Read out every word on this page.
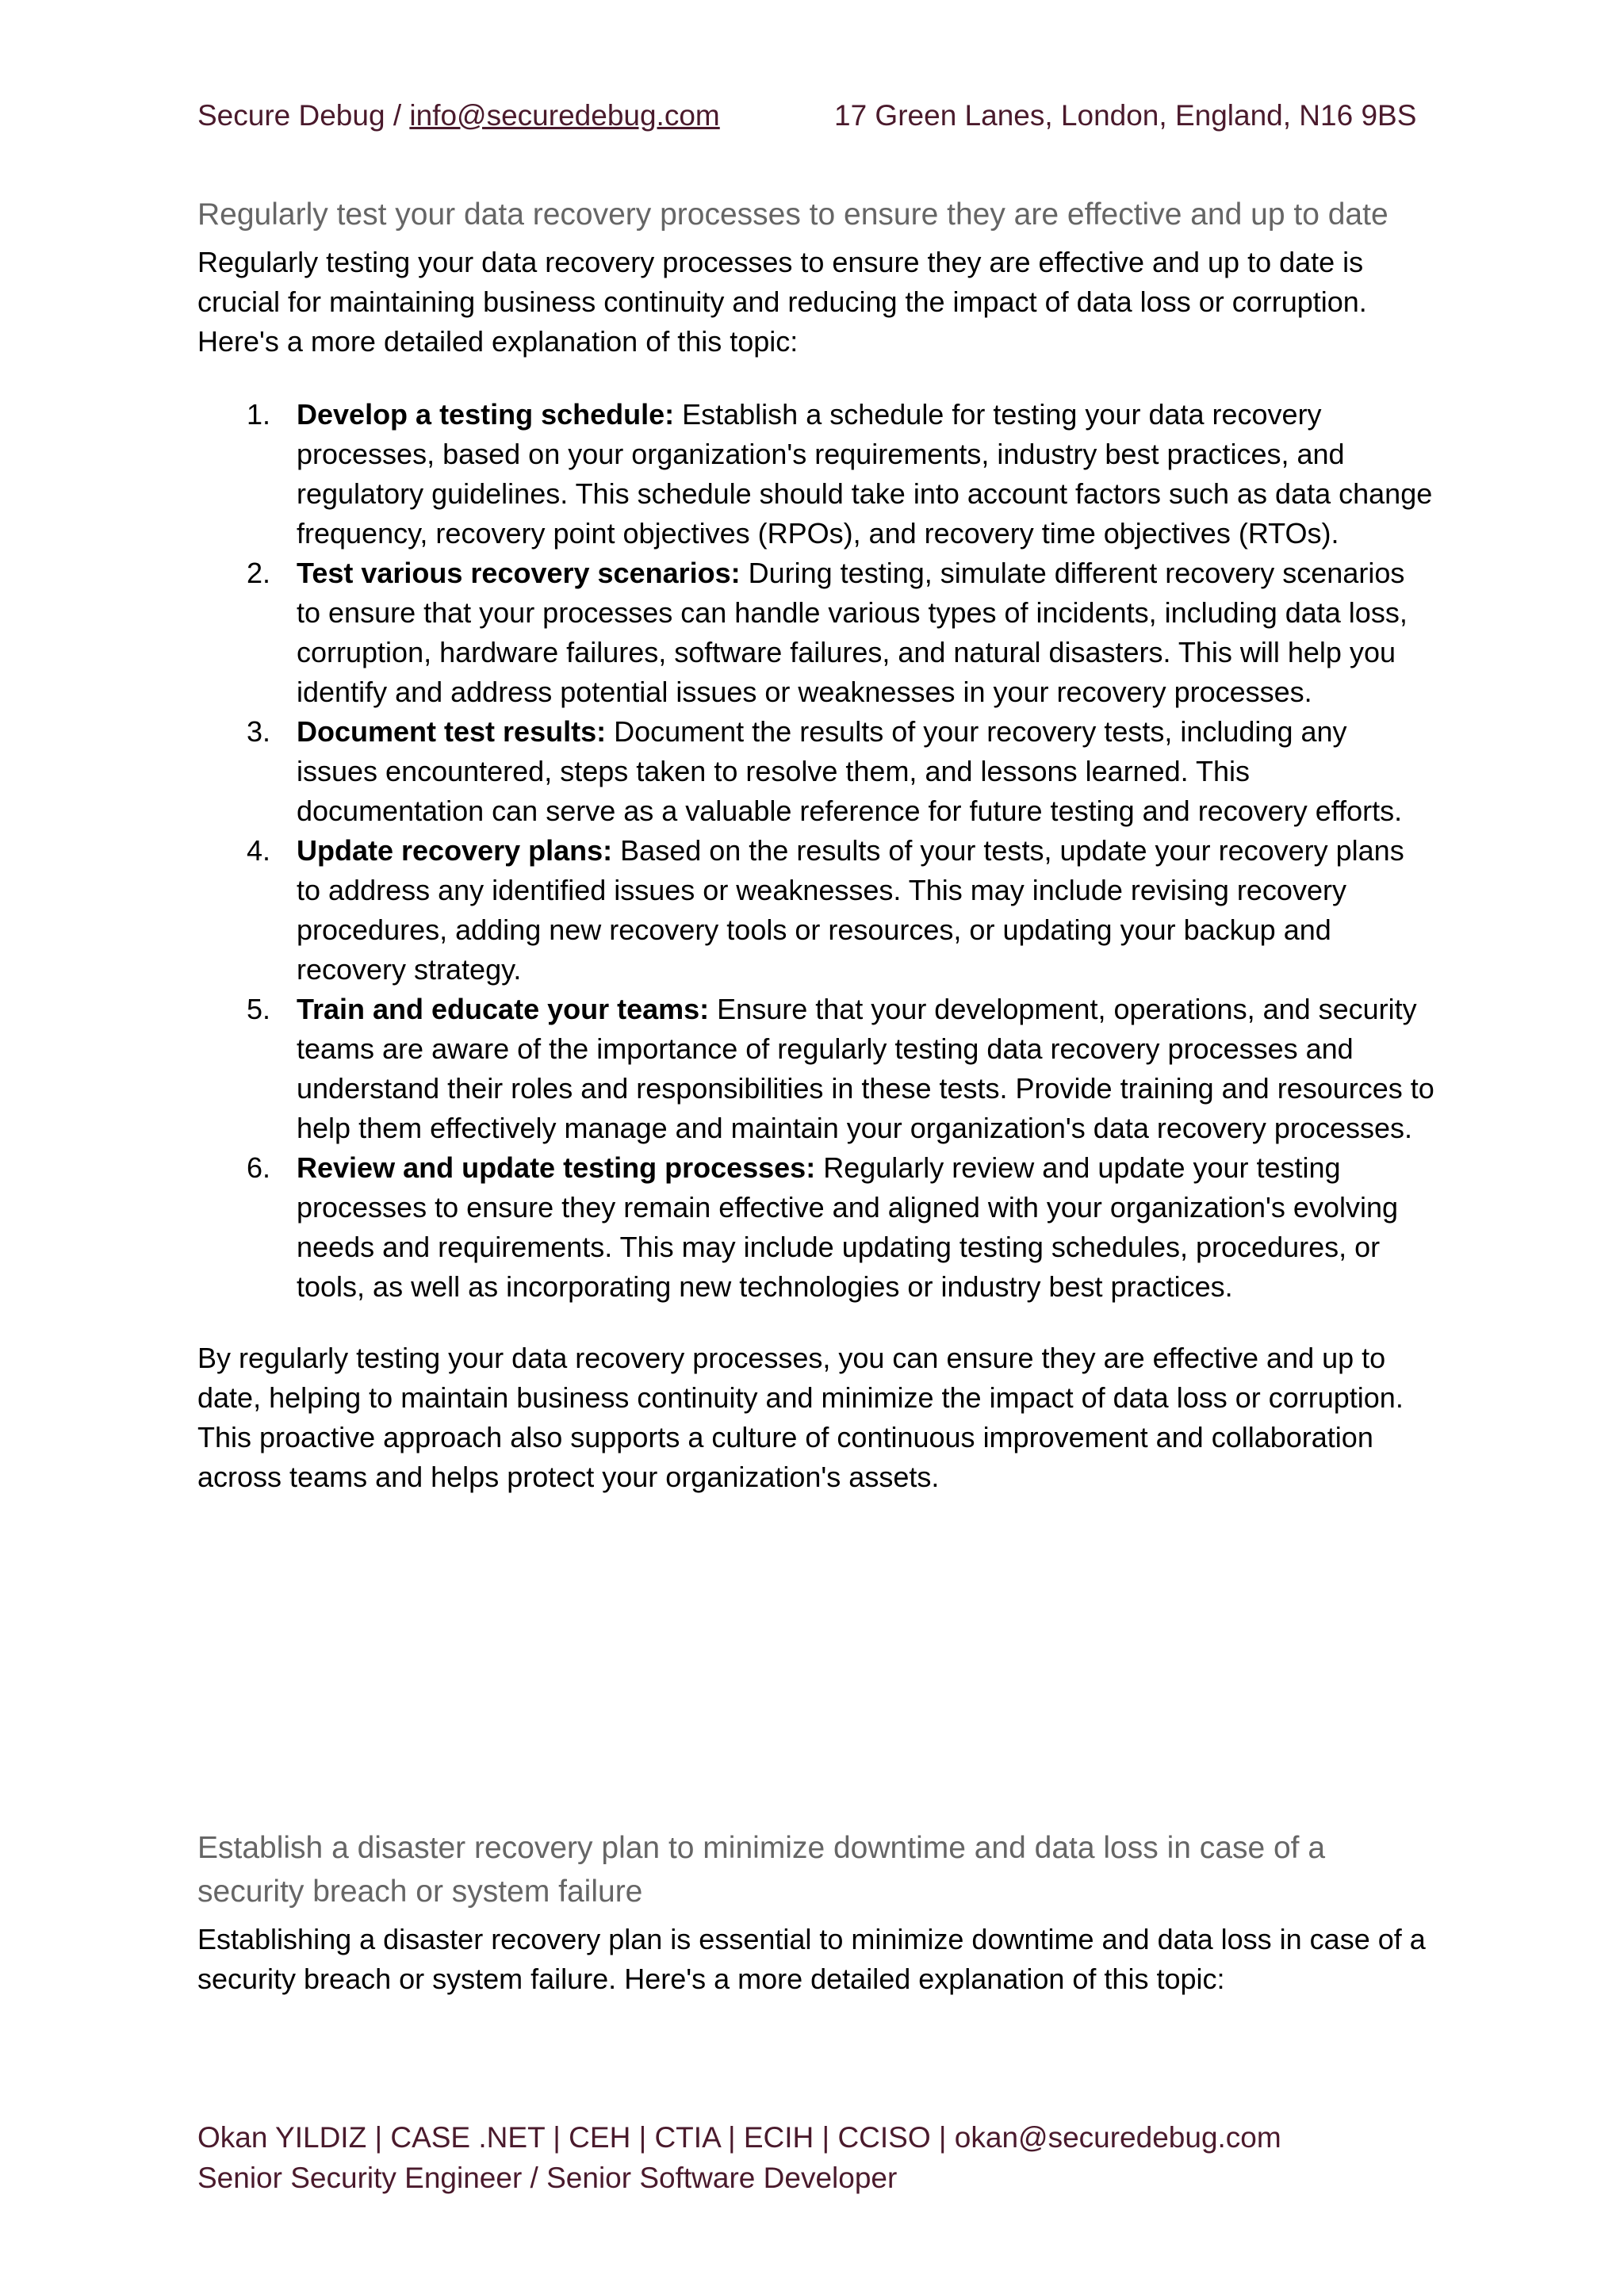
Secure Debug / info@securedebug.com	17 Green Lanes, London, England, N16 9BS
Regularly test your data recovery processes to ensure they are effective and up to date

Regularly testing your data recovery processes to ensure they are effective and up to date is crucial for maintaining business continuity and reducing the impact of data loss or corruption. Here's a more detailed explanation of this topic:

1. Develop a testing schedule: Establish a schedule for testing your data recovery processes, based on your organization's requirements, industry best practices, and regulatory guidelines. This schedule should take into account factors such as data change frequency, recovery point objectives (RPOs), and recovery time objectives (RTOs).
2. Test various recovery scenarios: During testing, simulate different recovery scenarios to ensure that your processes can handle various types of incidents, including data loss, corruption, hardware failures, software failures, and natural disasters. This will help you identify and address potential issues or weaknesses in your recovery processes.
3. Document test results: Document the results of your recovery tests, including any issues encountered, steps taken to resolve them, and lessons learned. This documentation can serve as a valuable reference for future testing and recovery efforts.
4. Update recovery plans: Based on the results of your tests, update your recovery plans to address any identified issues or weaknesses. This may include revising recovery procedures, adding new recovery tools or resources, or updating your backup and recovery strategy.
5. Train and educate your teams: Ensure that your development, operations, and security teams are aware of the importance of regularly testing data recovery processes and understand their roles and responsibilities in these tests. Provide training and resources to help them effectively manage and maintain your organization's data recovery processes.
6. Review and update testing processes: Regularly review and update your testing processes to ensure they remain effective and aligned with your organization's evolving needs and requirements. This may include updating testing schedules, procedures, or tools, as well as incorporating new technologies or industry best practices.

By regularly testing your data recovery processes, you can ensure they are effective and up to date, helping to maintain business continuity and minimize the impact of data loss or corruption. This proactive approach also supports a culture of continuous improvement and collaboration across teams and helps protect your organization's assets.

Establish a disaster recovery plan to minimize downtime and data loss in case of a security breach or system failure

Establishing a disaster recovery plan is essential to minimize downtime and data loss in case of a security breach or system failure. Here's a more detailed explanation of this topic:

Okan YILDIZ | CASE .NET | CEH | CTIA | ECIH | CCISO | okan@securedebug.com
Senior Security Engineer / Senior Software Developer
